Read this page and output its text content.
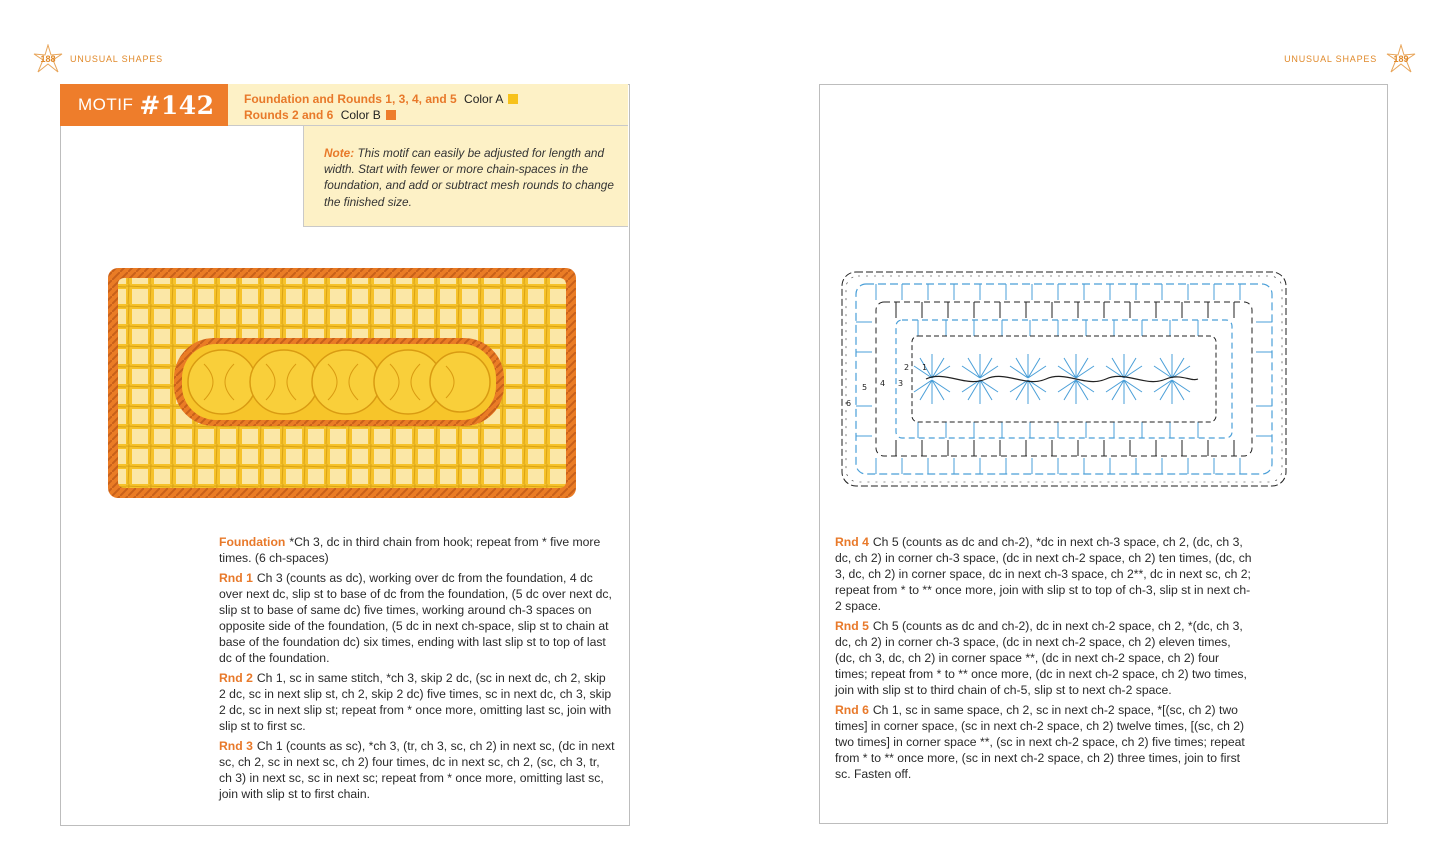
188	UNUSUAL SHAPES	UNUSUAL SHAPES	189
MOTIF #142 Foundation and Rounds 1, 3, 4, and 5 Color A
Rounds 2 and 6 Color B
Note: This motif can easily be adjusted for length and width. Start with fewer or more chain-spaces in the foundation, and add or subtract mesh rounds to change the finished size.

Foundation *Ch 3, dc in third chain from hook; repeat from * five more times. (6 ch-spaces)

Rnd 1 Ch 3 (counts as dc), working over dc from the foundation, 4 dc over next dc, slip st to base of dc from the foundation, (5 dc over next dc, slip st to base of same dc) five times, working around ch-3 spaces on opposite side of the foundation, (5 dc in next ch-space, slip st to chain at base of the foundation dc) six times, ending with last slip st to top of last dc of the foundation.

Rnd 2 Ch 1, sc in same stitch, *ch 3, skip 2 dc, (sc in next dc, ch 2, skip 2 dc, sc in next slip st, ch 2, skip 2 dc) five times, sc in next dc, ch 3, skip 2 dc, sc in next slip st; repeat from * once more, omitting last sc, join with slip st to first sc.

Rnd 3 Ch 1 (counts as sc), *ch 3, (tr, ch 3, sc, ch 2) in next sc, (dc in next sc, ch 2, sc in next sc, ch 2) four times, dc in next sc, ch 2, (sc, ch 3, tr, ch 3) in next sc, sc in next sc; repeat from * once more, omitting last sc, join with slip st to first chain.

1
2
3
4
5
6

Rnd 4 Ch 5 (counts as dc and ch-2), *dc in next ch-3 space, ch 2, (dc, ch 3, dc, ch 2) in corner ch-3 space, (dc in next ch-2 space, ch 2) ten times, (dc, ch 3, dc, ch 2) in corner space, dc in next ch-3 space, ch 2**, dc in next sc, ch 2; repeat from * to ** once more, join with slip st to top of ch-3, slip st in next ch-2 space.

Rnd 5 Ch 5 (counts as dc and ch-2), dc in next ch-2 space, ch 2, *(dc, ch 3, dc, ch 2) in corner ch-3 space, (dc in next ch-2 space, ch 2) eleven times, (dc, ch 3, dc, ch 2) in corner space **, (dc in next ch-2 space, ch 2) four times; repeat from * to ** once more, (dc in next ch-2 space, ch 2) two times, join with slip st to third chain of ch-5, slip st to next ch-2 space.

Rnd 6 Ch 1, sc in same space, ch 2, sc in next ch-2 space, *[(sc, ch 2) two times] in corner space, (sc in next ch-2 space, ch 2) twelve times, [(sc, ch 2) two times] in corner space **, (sc in next ch-2 space, ch 2) five times; repeat from * to ** once more, (sc in next ch-2 space, ch 2) three times, join to first sc. Fasten off.
